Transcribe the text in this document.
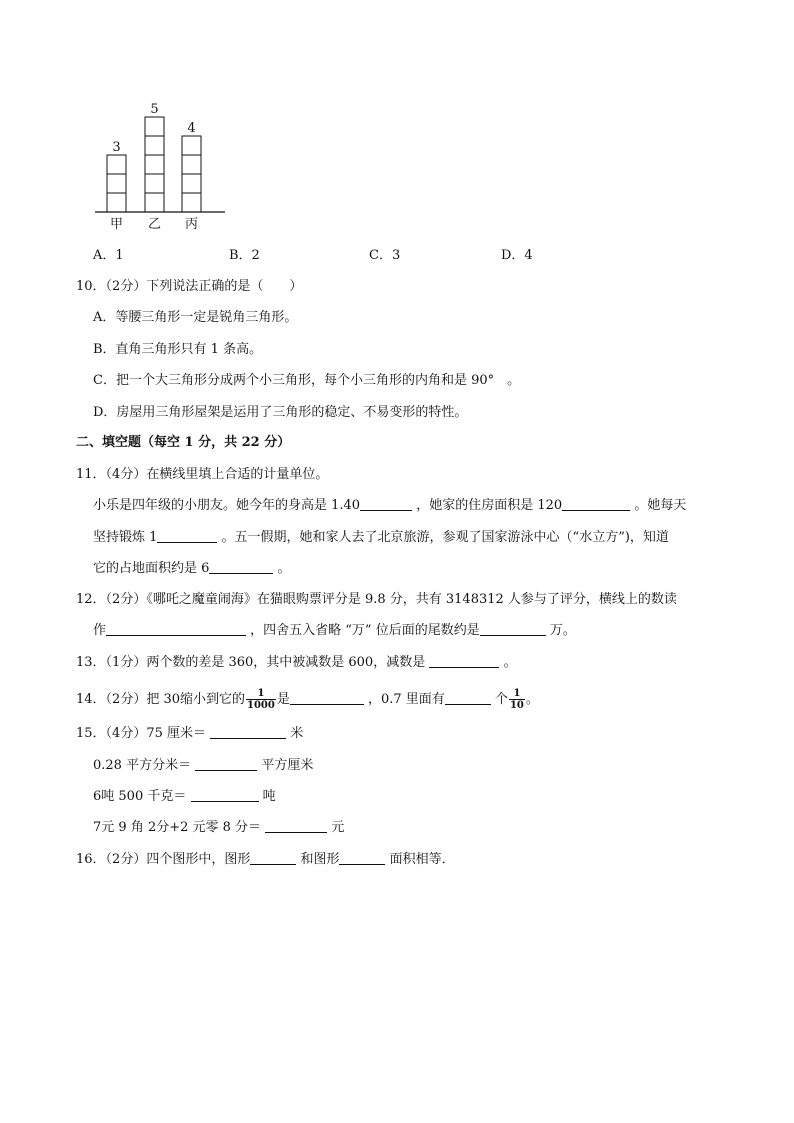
3
甲
5
乙
4
丙
A．1	B．2	C．3	D．4
10．（2分）下列说法正确的是（　　）
A．等腰三角形一定是锐角三角形。
B．直角三角形只有 1 条高。
C．把一个大三角形分成两个小三角形，每个小三角形的内角和是 90°　。
D．房屋用三角形屋架是运用了三角形的稳定、不易变形的特性。
二、填空题（每空 1 分，共 22 分）
11．（4分）在横线里填上合适的计量单位。
小乐是四年级的小朋友。她今年的身高是 1.40	，她家的住房面积是 120	。她每天
坚持锻炼 1	。五一假期，她和家人去了北京旅游，参观了国家游泳中心（“水立方”)，知道
它的占地面积约是 6	。
12．（2分）《哪吒之魔童闹海》在猫眼购票评分是 9.8 分，共有 3148312 人参与了评分，横线上的数读
作	，四舍五入省略 “万” 位后面的尾数约是	万。
13．（1分）两个数的差是 360，其中被减数是 600，减数是	。
14．（2分）把 30缩小到它的 $\frac{1}{1000}$ 是	，0.7 里面有	个 $\frac{1}{10}$ 。
15．（4分）75 厘米＝	米
0.28 平方分米＝	平方厘米
6吨 500 千克＝	吨
7元 9 角 2分+2 元零 8 分＝	元
16．（2分）四个图形中，图形	和图形	面积相等．
